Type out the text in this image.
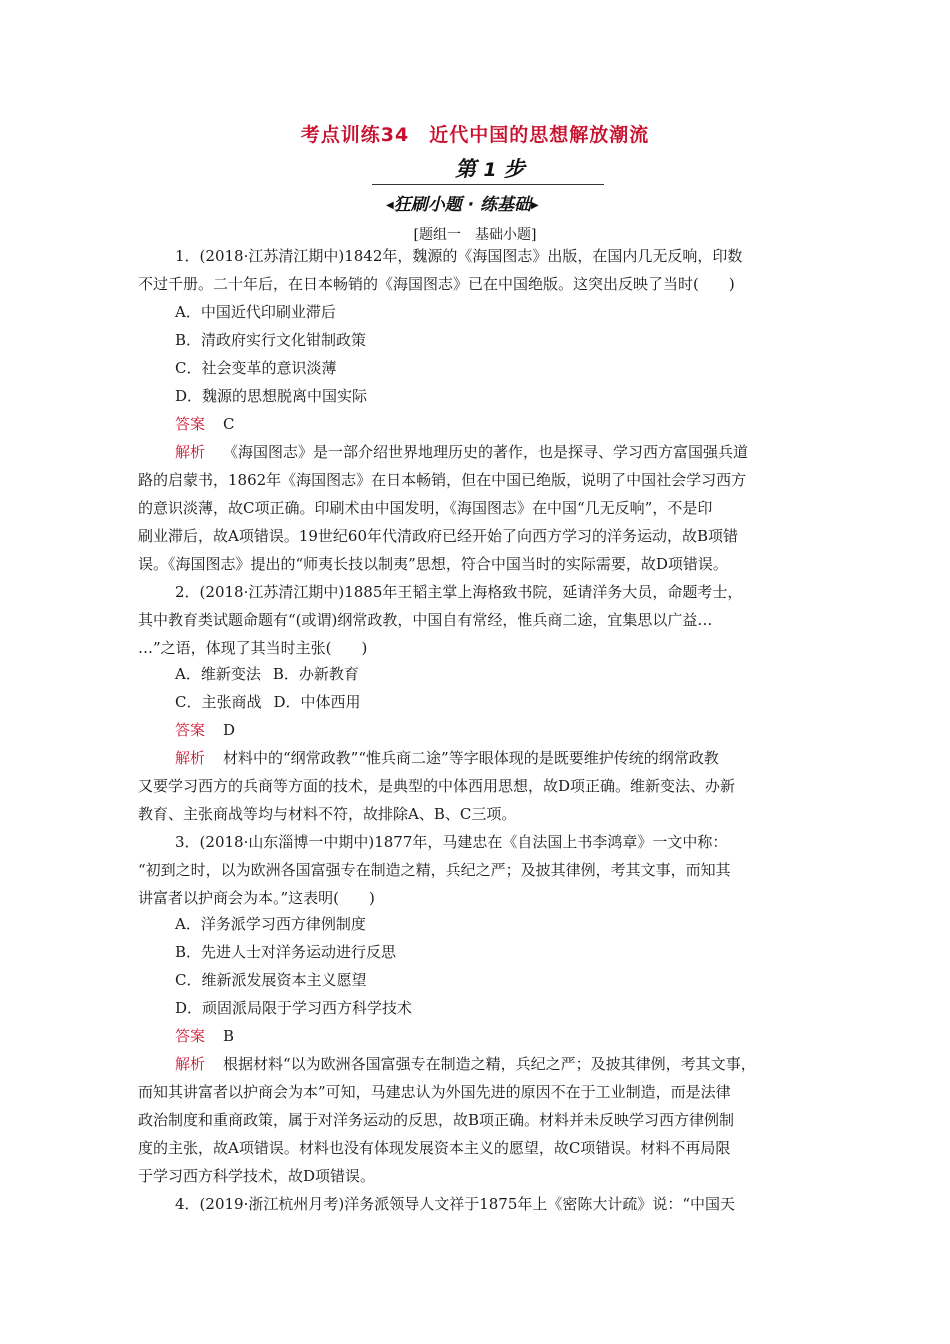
考点训练34　近代中国的思想解放潮流
第 1 步
◀狂刷小题 · 练基础▶
[题组一　基础小题]
1．(2018·江苏清江期中)1842年，魏源的《海国图志》出版，在国内几无反响，印数
不过千册。二十年后，在日本畅销的《海国图志》已在中国绝版。这突出反映了当时(　　)
A．中国近代印刷业滞后
B．清政府实行文化钳制政策
C．社会变革的意识淡薄
D．魏源的思想脱离中国实际
答案 C
解析 《海国图志》是一部介绍世界地理历史的著作，也是探寻、学习西方富国强兵道
路的启蒙书，1862年《海国图志》在日本畅销，但在中国已绝版，说明了中国社会学习西方
的意识淡薄，故C项正确。印刷术由中国发明，《海国图志》在中国“几无反响”，不是印
刷业滞后，故A项错误。19世纪60年代清政府已经开始了向西方学习的洋务运动，故B项错
误。《海国图志》提出的“师夷长技以制夷”思想，符合中国当时的实际需要，故D项错误。
2．(2018·江苏清江期中)1885年王韬主掌上海格致书院，延请洋务大员，命题考士，
其中教育类试题命题有“(或谓)纲常政教，中国自有常经，惟兵商二途，宜集思以广益…
…”之语，体现了其当时主张(　　)
A．维新变法 B．办新教育
C．主张商战 D．中体西用
答案 D
解析 材料中的“纲常政教”“惟兵商二途”等字眼体现的是既要维护传统的纲常政教
又要学习西方的兵商等方面的技术，是典型的中体西用思想，故D项正确。维新变法、办新
教育、主张商战等均与材料不符，故排除A、B、C三项。
3．(2018·山东淄博一中期中)1877年，马建忠在《自法国上书李鸿章》一文中称：
“初到之时，以为欧洲各国富强专在制造之精，兵纪之严；及披其律例，考其文事，而知其
讲富者以护商会为本。”这表明(　　)
A．洋务派学习西方律例制度
B．先进人士对洋务运动进行反思
C．维新派发展资本主义愿望
D．顽固派局限于学习西方科学技术
答案 B
解析 根据材料“以为欧洲各国富强专在制造之精，兵纪之严；及披其律例，考其文事，
而知其讲富者以护商会为本”可知，马建忠认为外国先进的原因不在于工业制造，而是法律
政治制度和重商政策，属于对洋务运动的反思，故B项正确。材料并未反映学习西方律例制
度的主张，故A项错误。材料也没有体现发展资本主义的愿望，故C项错误。材料不再局限
于学习西方科学技术，故D项错误。
4．(2019·浙江杭州月考)洋务派领导人文祥于1875年上《密陈大计疏》说：“中国天
